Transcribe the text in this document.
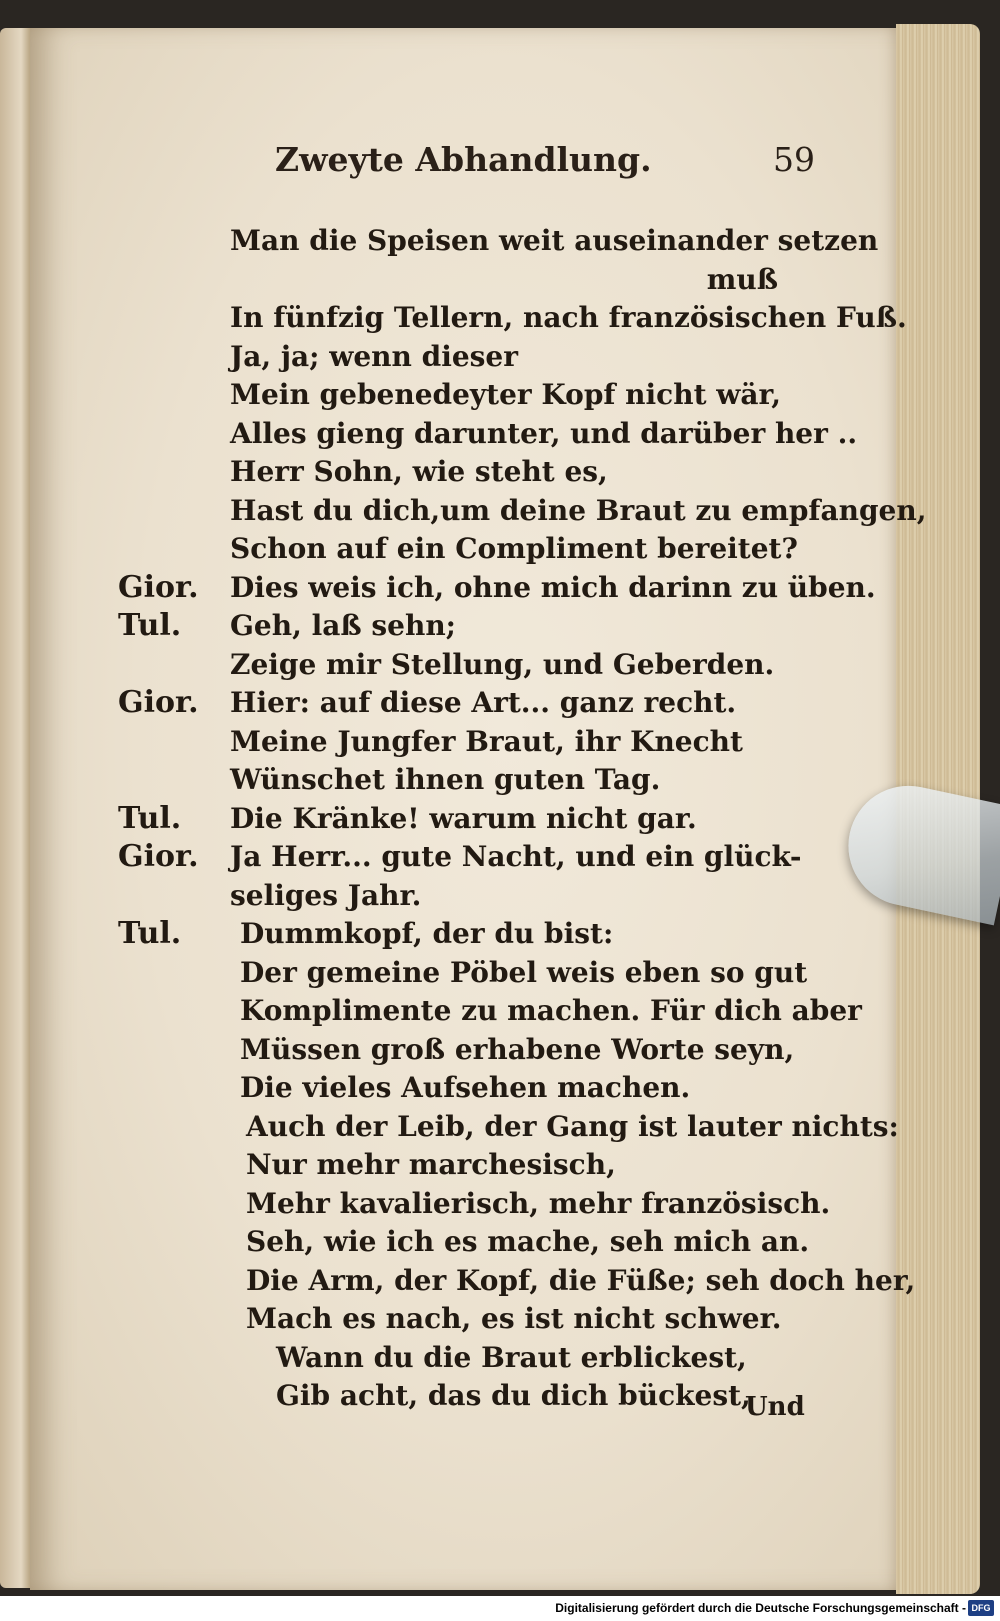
Zweyte Abhandlung.	59
Man die Speisen weit auseinander setzen
muß
In fünfzig Tellern, nach französischen Fuß.
Ja, ja; wenn dieser
Mein gebenedeyter Kopf nicht wär,
Alles gieng darunter, und darüber her ..
Herr Sohn, wie steht es,
Hast du dich,um deine Braut zu empfangen,
Schon auf ein Compliment bereitet?
Gior. Dies weis ich, ohne mich darinn zu üben.
Tul. Geh, laß sehn;
Zeige mir Stellung, und Geberden.
Gior. Hier: auf diese Art... ganz recht.
Meine Jungfer Braut, ihr Knecht
Wünschet ihnen guten Tag.
Tul. Die Kränke! warum nicht gar.
Gior. Ja Herr... gute Nacht, und ein glück-
seliges Jahr.
Tul. Dummkopf, der du bist:
Der gemeine Pöbel weis eben so gut
Komplimente zu machen. Für dich aber
Müssen groß erhabene Worte seyn,
Die vieles Aufsehen machen.
Auch der Leib, der Gang ist lauter nichts:
Nur mehr marchesisch,
Mehr kavalierisch, mehr französisch.
Seh, wie ich es mache, seh mich an.
Die Arm, der Kopf, die Füße; seh doch her,
Mach es nach, es ist nicht schwer.
Wann du die Braut erblickest,
Gib acht, das du dich bückest,
Und
Digitalisierung gefördert durch die Deutsche Forschungsgemeinschaft - DFG
